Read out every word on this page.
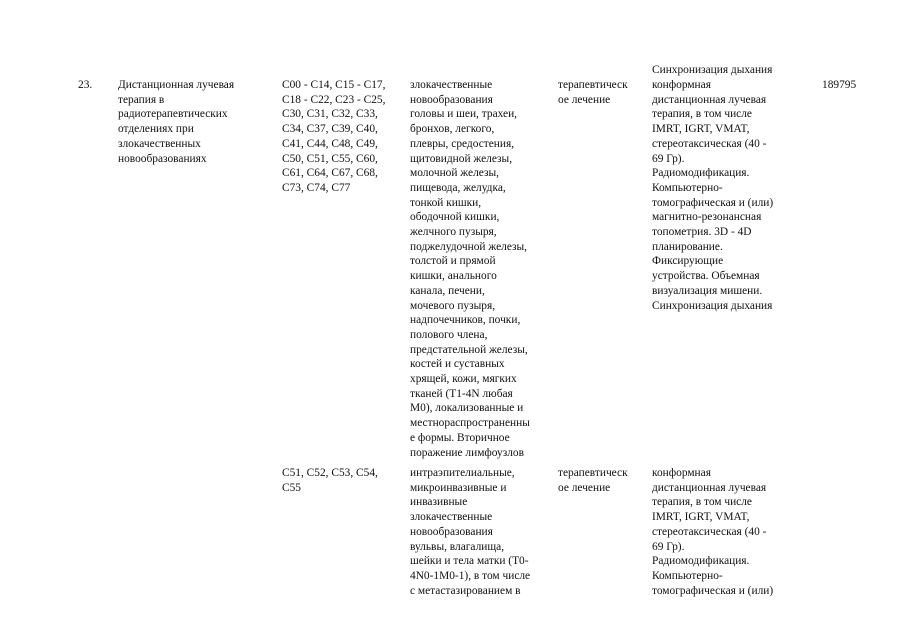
Синхронизация дыхания
23. Дистанционная лучевая
терапия в
радиотерапевтических
отделениях при
злокачественных
новообразованиях
C00 - C14, C15 - C17,
C18 - C22, C23 - C25,
C30, C31, C32, C33,
C34, C37, C39, C40,
C41, C44, C48, C49,
C50, C51, C55, C60,
C61, C64, C67, C68,
C73, C74, C77
злокачественные
новообразования
головы и шеи, трахеи,
бронхов, легкого,
плевры, средостения,
щитовидной железы,
молочной железы,
пищевода, желудка,
тонкой кишки,
ободочной кишки,
желчного пузыря,
поджелудочной железы,
толстой и прямой
кишки, анального
канала, печени,
мочевого пузыря,
надпочечников, почки,
полового члена,
предстательной железы,
костей и суставных
хрящей, кожи, мягких
тканей (T1-4N любая
M0), локализованные и
местнораспространенны
е формы. Вторичное
поражение лимфоузлов
терапевтическ
ое лечение
конформная
дистанционная лучевая
терапия, в том числе
IMRT, IGRT, VMAT,
стереотаксическая (40 -
69 Гр).
Радиомодификация.
Компьютерно-
томографическая и (или)
магнитно-резонансная
топометрия. 3D - 4D
планирование.
Фиксирующие
устройства. Объемная
визуализация мишени.
Синхронизация дыхания
189795
C51, C52, C53, C54,
C55
интраэпителиальные,
микроинвазивные и
инвазивные
злокачественные
новообразования
вульвы, влагалища,
шейки и тела матки (T0-
4N0-1M0-1), в том числе
с метастазированием в
терапевтическ
ое лечение
конформная
дистанционная лучевая
терапия, в том числе
IMRT, IGRT, VMAT,
стереотаксическая (40 -
69 Гр).
Радиомодификация.
Компьютерно-
томографическая и (или)
